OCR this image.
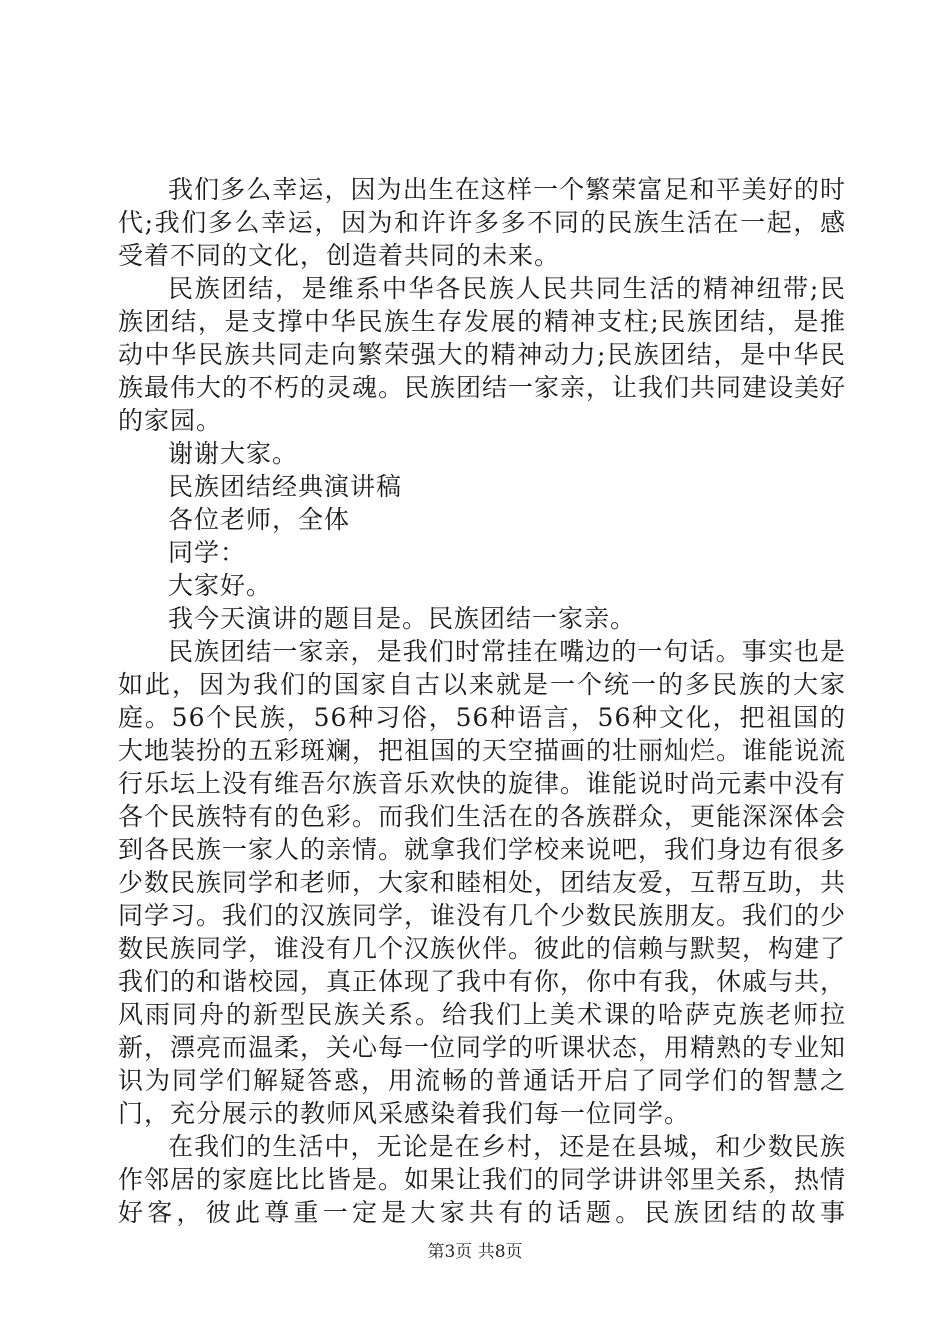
我们多么幸运，因为出生在这样一个繁荣富足和平美好的时代;我们多么幸运，因为和许许多多不同的民族生活在一起，感受着不同的文化，创造着共同的未来。

民族团结，是维系中华各民族人民共同生活的精神纽带;民族团结，是支撑中华民族生存发展的精神支柱;民族团结，是推动中华民族共同走向繁荣强大的精神动力;民族团结，是中华民族最伟大的不朽的灵魂。民族团结一家亲，让我们共同建设美好的家园。

谢谢大家。

民族团结经典演讲稿

各位老师，全体

同学：

大家好。

我今天演讲的题目是。民族团结一家亲。

民族团结一家亲，是我们时常挂在嘴边的一句话。事实也是如此，因为我们的国家自古以来就是一个统一的多民族的大家庭。56个民族，56种习俗，56种语言，56种文化，把祖国的大地装扮的五彩斑斓，把祖国的天空描画的壮丽灿烂。谁能说流行乐坛上没有维吾尔族音乐欢快的旋律。谁能说时尚元素中没有各个民族特有的色彩。而我们生活在的各族群众，更能深深体会到各民族一家人的亲情。就拿我们学校来说吧，我们身边有很多少数民族同学和老师，大家和睦相处，团结友爱，互帮互助，共同学习。我们的汉族同学，谁没有几个少数民族朋友。我们的少数民族同学，谁没有几个汉族伙伴。彼此的信赖与默契，构建了我们的和谐校园，真正体现了我中有你，你中有我，休戚与共，风雨同舟的新型民族关系。给我们上美术课的哈萨克族老师拉新，漂亮而温柔，关心每一位同学的听课状态，用精熟的专业知识为同学们解疑答惑，用流畅的普通话开启了同学们的智慧之门，充分展示的教师风采感染着我们每一位同学。

在我们的生活中，无论是在乡村，还是在县城，和少数民族作邻居的家庭比比皆是。如果让我们的同学讲讲邻里关系，热情好客，彼此尊重一定是大家共有的话题。民族团结的故事

第3页 共8页
